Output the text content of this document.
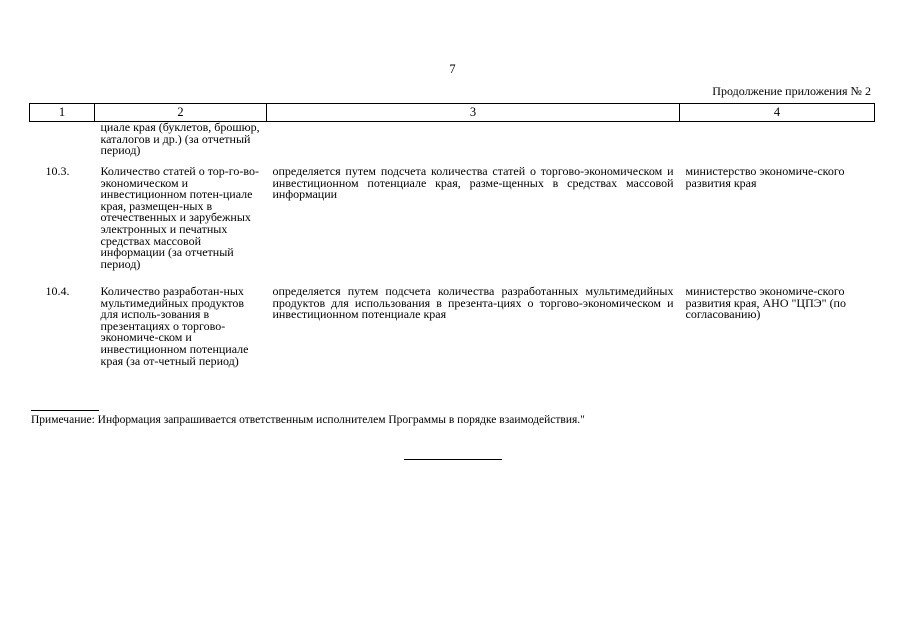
7
Продолжение приложения № 2
1	2	3	4
	циале края (буклетов, брошюр, каталогов и др.) (за отчетный период)		
10.3.	Количество статей о тор-го-во-экономическом и инвестиционном потен-циале края, размещен-ных в отечественных и зарубежных электронных и печатных средствах массовой информации (за отчетный период)	определяется путем подсчета количества статей о торгово-экономическом и инвестиционном потенциале края, разме-щенных в средствах массовой информации	министерство экономиче-ского развития края
10.4.	Количество разработан-ных мультимедийных продуктов для исполь-зования в презентациях о торгово-экономиче-ском и инвестиционном потенциале края (за от-четный период)	определяется путем подсчета количества разработанных мультимедийных продуктов для использования в презента-циях о торгово-экономическом и инвестиционном потенциале края	министерство экономиче-ского развития края, АНО "ЦПЭ" (по согласованию)
Примечание: Информация запрашивается ответственным исполнителем Программы в порядке взаимодействия."
